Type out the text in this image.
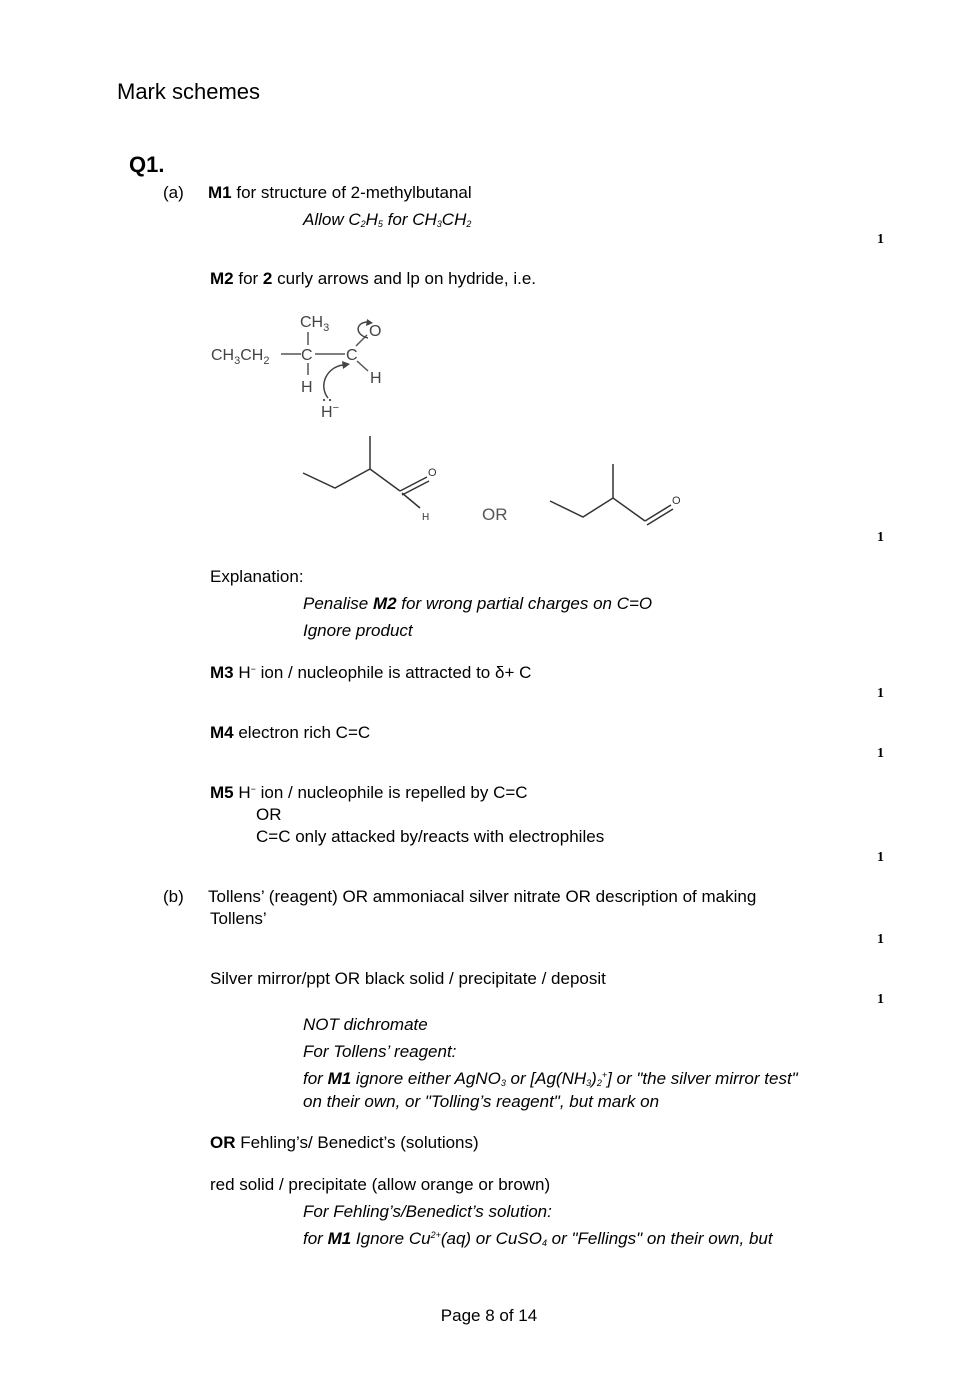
Mark schemes
Q1.
(a) M1 for structure of 2-methylbutanal
Allow $C_2H_5$ for $CH_3CH_2$
1
M2 for 2 curly arrows and lp on hydride, i.e.
$CH_3$
$CH_3CH_2$ C C
O
H
H
H−
O
H	OR
O
1
Explanation:
Penalise M2 for wrong partial charges on C=O
Ignore product
M3 H− ion / nucleophile is attracted to δ+ C
1
M4 electron rich C=C
1
M5 H− ion / nucleophile is repelled by C=C
OR
C=C only attacked by/reacts with electrophiles
1
(b) Tollens’ (reagent) OR ammoniacal silver nitrate OR description of making
Tollens’
1
Silver mirror/ppt OR black solid / precipitate / deposit
1
NOT dichromate
For Tollens’ reagent:
for M1 ignore either AgNO$_3$ or $[Ag(NH_3)_2^+]$ or "the silver mirror test"
on their own, or "Tolling’s reagent", but mark on
OR Fehling’s/ Benedict’s (solutions)
red solid / precipitate (allow orange or brown)
For Fehling’s/Benedict’s solution:
for M1 Ignore $Cu^{2+}(aq)$ or CuSO$_4$ or "Fellings" on their own, but
Page 8 of 14
